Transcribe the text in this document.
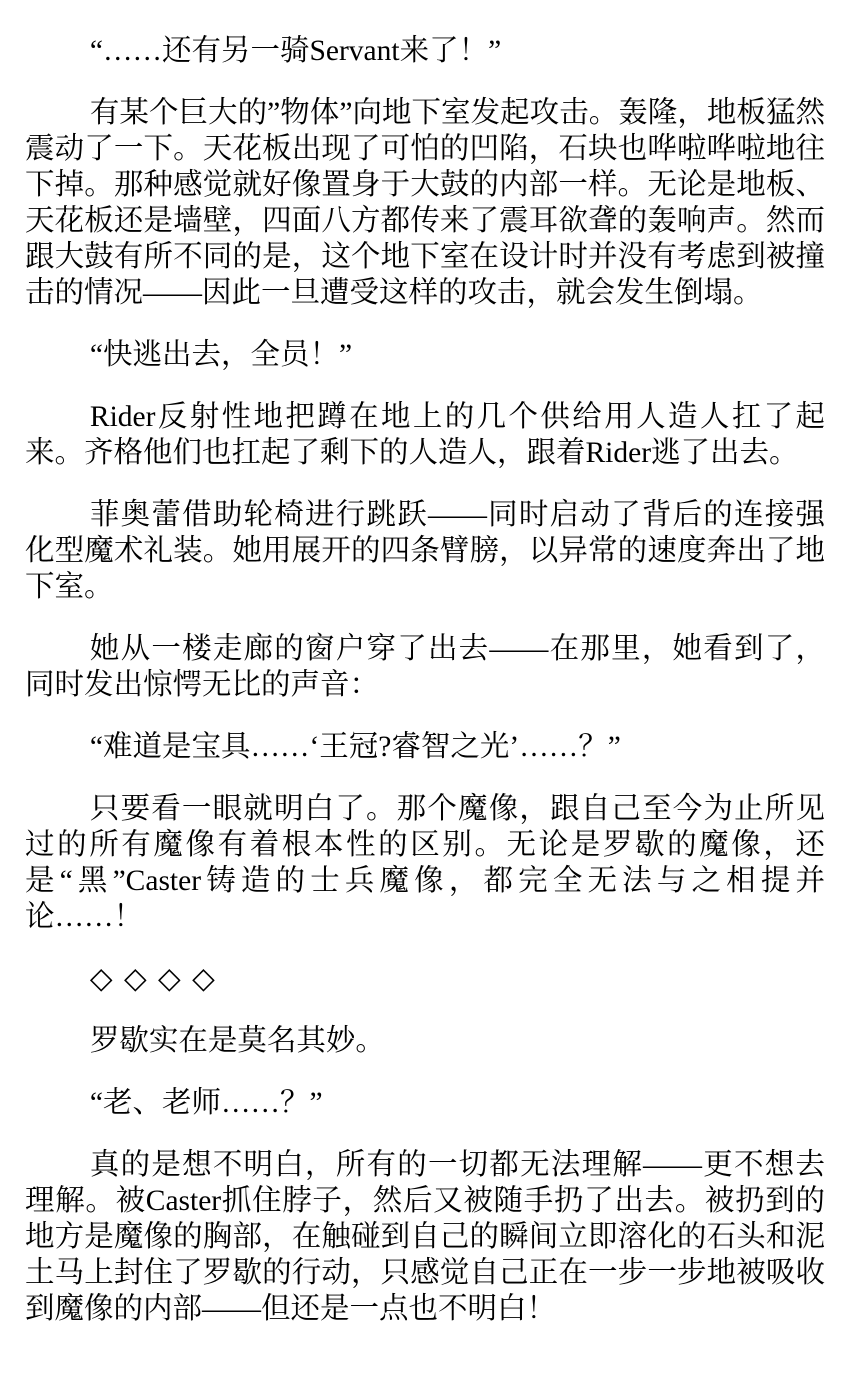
“……还有另一骑Servant来了！”

有某个巨大的”物体”向地下室发起攻击。轰隆，地板猛然震动了一下。天花板出现了可怕的凹陷，石块也哗啦哗啦地往下掉。那种感觉就好像置身于大鼓的内部一样。无论是地板、天花板还是墙壁，四面八方都传来了震耳欲聋的轰响声。然而跟大鼓有所不同的是，这个地下室在设计时并没有考虑到被撞击的情况——因此一旦遭受这样的攻击，就会发生倒塌。

“快逃出去，全员！”

Rider反射性地把蹲在地上的几个供给用人造人扛了起来。齐格他们也扛起了剩下的人造人，跟着Rider逃了出去。

菲奥蕾借助轮椅进行跳跃——同时启动了背后的连接强化型魔术礼装。她用展开的四条臂膀，以异常的速度奔出了地下室。

她从一楼走廊的窗户穿了出去——在那里，她看到了，同时发出惊愕无比的声音：

“难道是宝具……‘王冠?睿智之光’……？”

只要看一眼就明白了。那个魔像，跟自己至今为止所见过的所有魔像有着根本性的区别。无论是罗歇的魔像，还是“黑”Caster铸造的士兵魔像，都完全无法与之相提并论……！

◇ ◇ ◇ ◇

罗歇实在是莫名其妙。

“老、老师……？”

真的是想不明白，所有的一切都无法理解——更不想去理解。被Caster抓住脖子，然后又被随手扔了出去。被扔到的地方是魔像的胸部，在触碰到自己的瞬间立即溶化的石头和泥土马上封住了罗歇的行动，只感觉自己正在一步一步地被吸收到魔像的内部——但还是一点也不明白！
